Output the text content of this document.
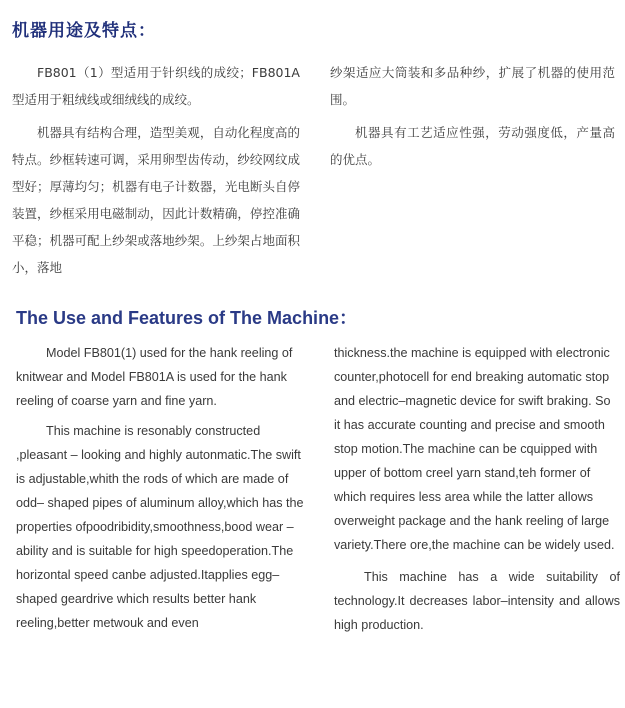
机器用途及特点：

FB801（1）型适用于针织线的成绞；FB801A型适用于粗绒线或细绒线的成绞。

机器具有结构合理，造型美观，自动化程度高的特点。纱框转速可调，采用卵型齿传动，纱绞网纹成型好；厚薄均匀；机器有电子计数器，光电断头自停装置，纱框采用电磁制动，因此计数精确，停控准确平稳；机器可配上纱架或落地纱架。上纱架占地面积小，落地

纱架适应大筒装和多品种纱，扩展了机器的使用范围。

机器具有工艺适应性强，劳动强度低，产量高的优点。

The Use and Features of The Machine：

Model FB801(1) used for the hank reeling of knitwear and Model FB801A is used for the hank reeling of coarse yarn and fine yarn.

This machine is resonably constructed ,pleasant – looking and highly autonmatic.The swift is adjustable,whith the rods of which are made of odd– shaped pipes of aluminum alloy,which has the properties ofpoodribidity,smoothness,bood wear –ability and is suitable for high speedoperation.The horizontal speed canbe adjusted.Itapplies egg–shaped geardrive which results better hank reeling,better metwouk and even

thickness.the machine is equipped with electronic counter,photocell for end breaking automatic stop and electric–magnetic device for swift braking. So it has accurate counting and precise and smooth stop motion.The machine can be cquipped with upper of bottom creel yarn stand,teh former of which requires less area while the latter allows overweight package and the hank reeling of large variety.There ore,the machine can be widely used.

This machine has a wide suitability of technology.It decreases labor–intensity and allows high production.
